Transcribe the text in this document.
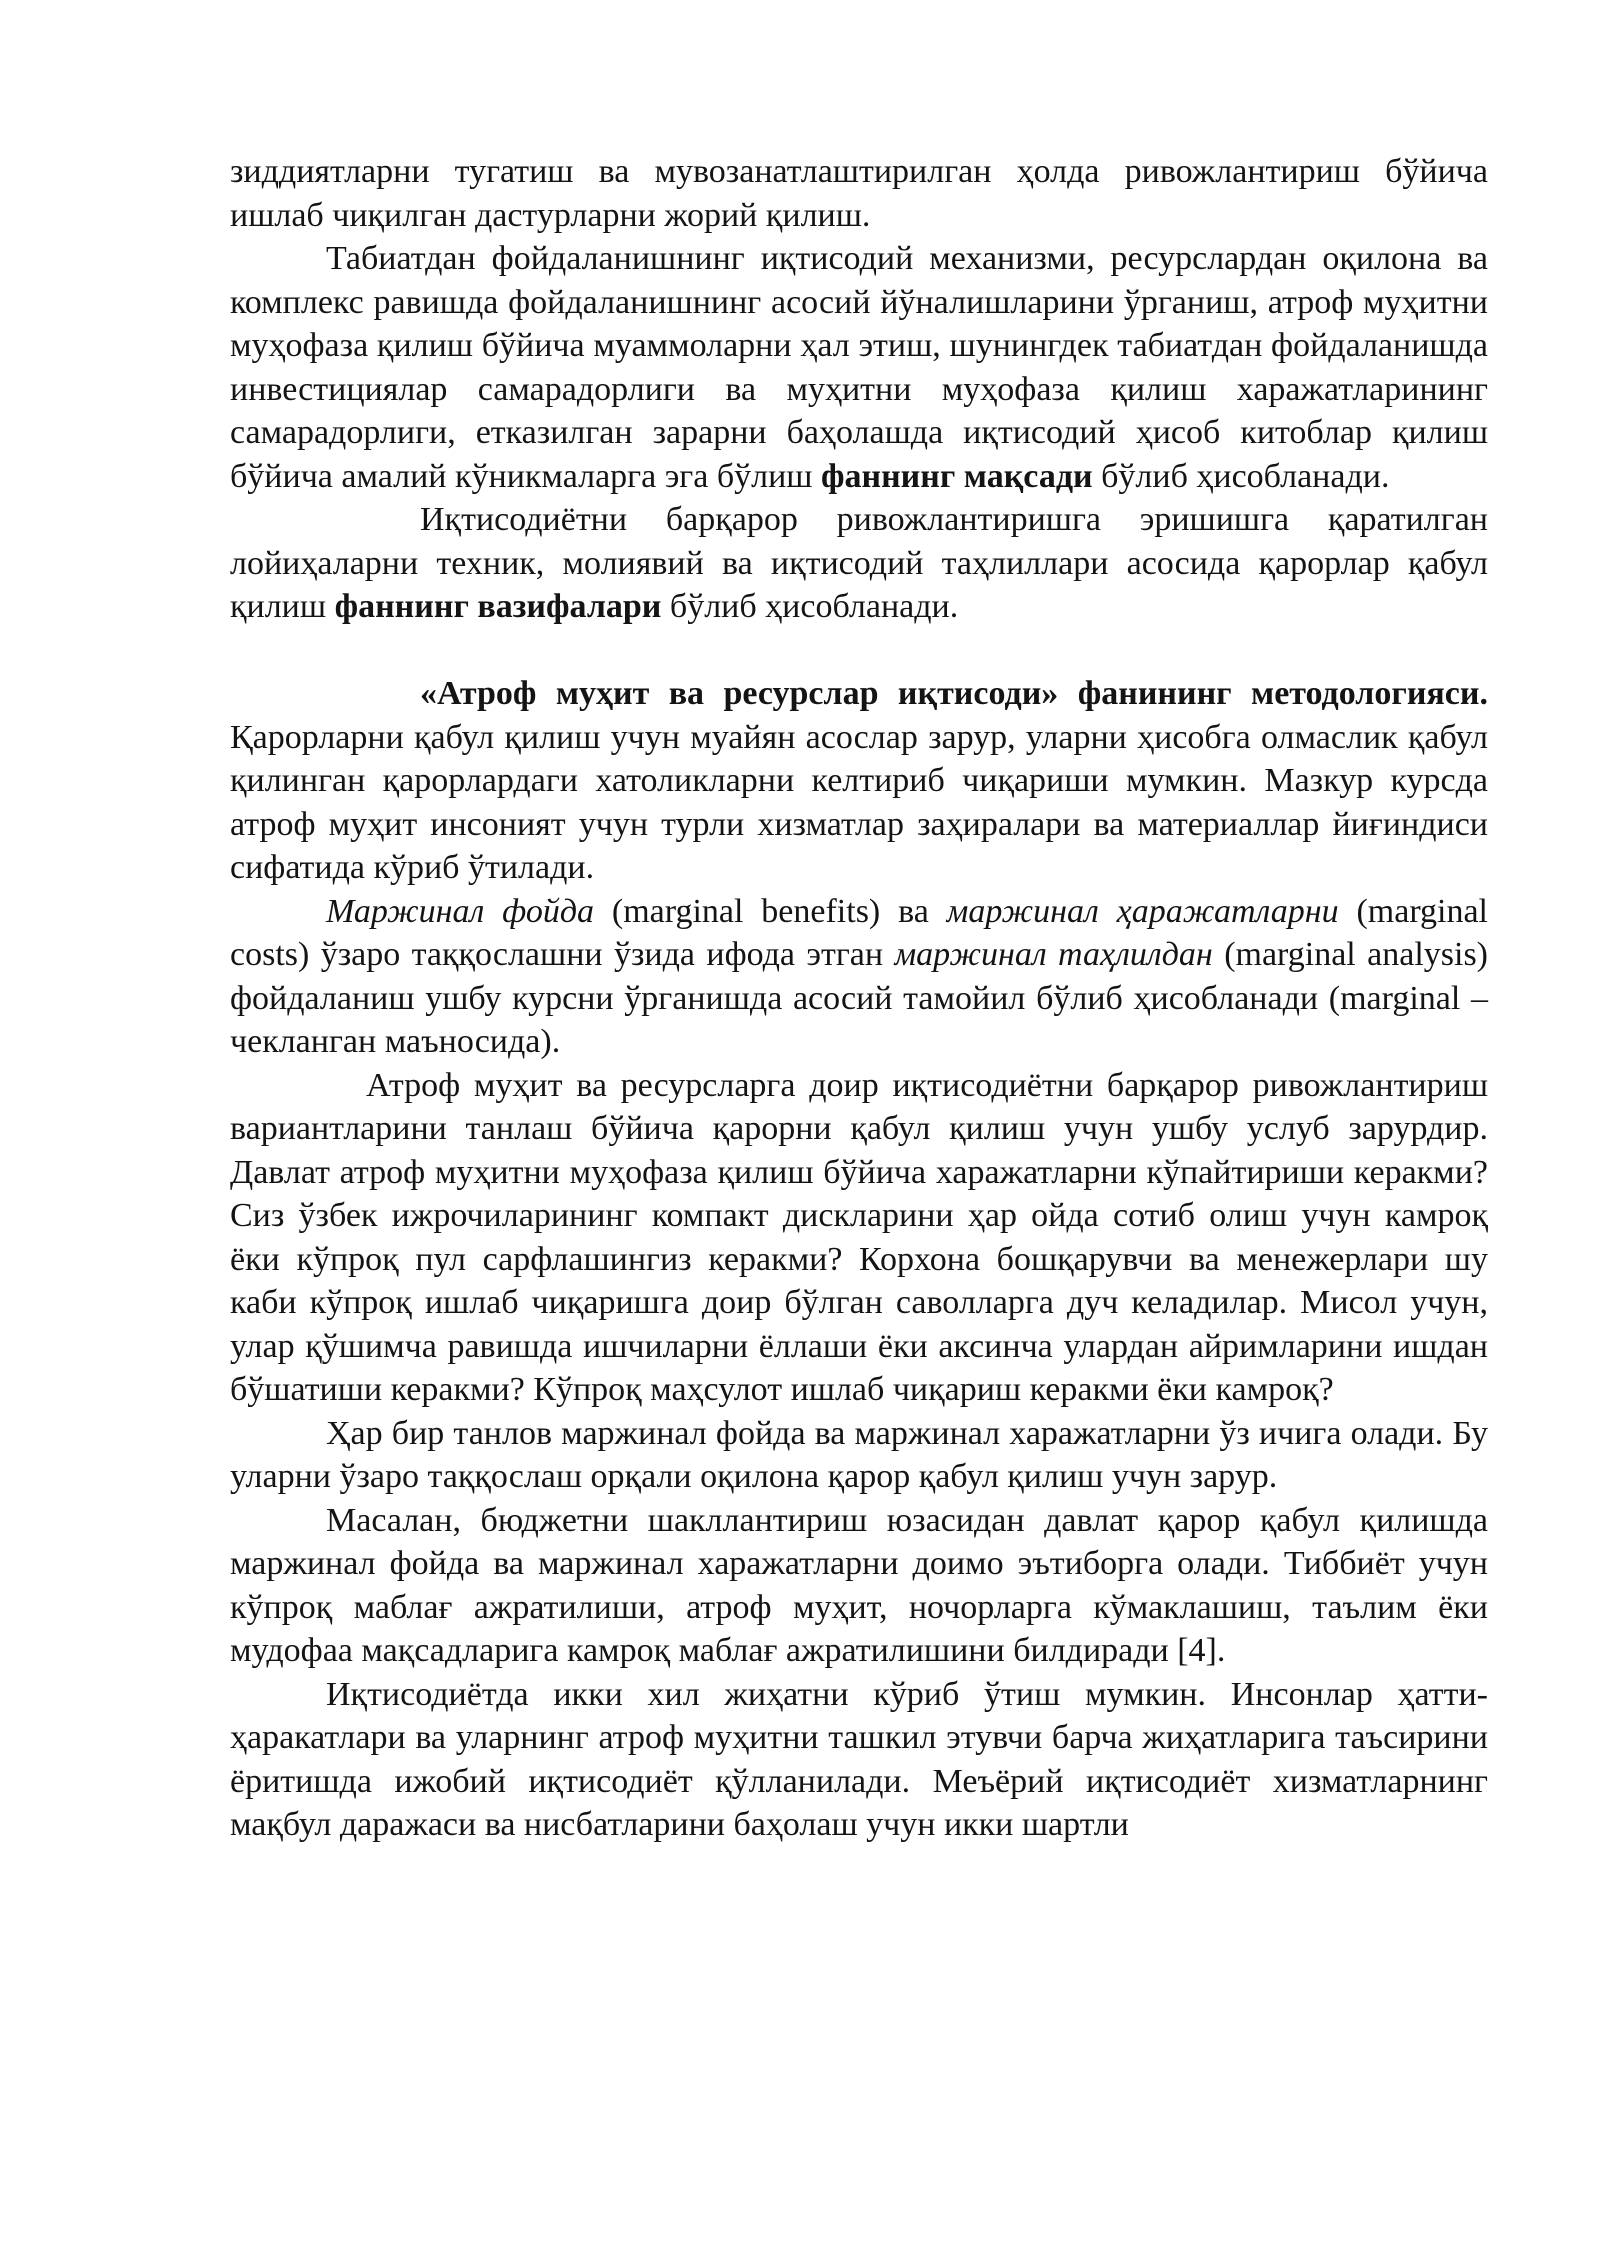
зиддиятларни тугатиш ва мувозанатлаштирилган ҳолда ривожлантириш бўйича ишлаб чиқилган дастурларни жорий қилиш.

Табиатдан фойдаланишнинг иқтисодий механизми, ресурслардан оқилона ва комплекс равишда фойдаланишнинг асосий йўналишларини ўрганиш, атроф муҳитни муҳофаза қилиш бўйича муаммоларни ҳал этиш, шунингдек табиатдан фойдаланишда инвестициялар самарадорлиги ва муҳитни муҳофаза қилиш харажатларининг самарадорлиги, етказилган зарарни баҳолашда иқтисодий ҳисоб китоблар қилиш бўйича амалий кўникмаларга эга бўлиш фаннинг мақсади бўлиб ҳисобланади.

Иқтисодиётни барқарор ривожлантиришга эришишга қаратилган лойиҳаларни техник, молиявий ва иқтисодий таҳлиллари асосида қарорлар қабул қилиш фаннинг вазифалари бўлиб ҳисобланади.

«Атроф муҳит ва ресурслар иқтисоди» фанининг методологияси. Қарорларни қабул қилиш учун муайян асослар зарур, уларни ҳисобга олмаслик қабул қилинган қарорлардаги хатоликларни келтириб чиқариши мумкин. Мазкур курсда атроф муҳит инсоният учун турли хизматлар заҳиралари ва материаллар йиғиндиси сифатида кўриб ўтилади.

Маржинал фойда (marginal benefits) ва маржинал ҳаражатларни (marginal costs) ўзаро таққослашни ўзида ифода этган маржинал таҳлилдан (marginal analysis) фойдаланиш ушбу курсни ўрганишда асосий тамойил бўлиб ҳисобланади (marginal – чекланган маъносида).

Атроф муҳит ва ресурсларга доир иқтисодиётни барқарор ривожлантириш вариантларини танлаш бўйича қарорни қабул қилиш учун ушбу услуб зарурдир. Давлат атроф муҳитни муҳофаза қилиш бўйича харажатларни кўпайтириши керакми? Сиз ўзбек ижрочиларининг компакт дискларини ҳар ойда сотиб олиш учун камроқ ёки кўпроқ пул сарфлашингиз керакми? Корхона бошқарувчи ва менежерлари шу каби кўпроқ ишлаб чиқаришга доир бўлган саволларга дуч келадилар. Мисол учун, улар қўшимча равишда ишчиларни ёллаши ёки аксинча улардан айримларини ишдан бўшатиши керакми? Кўпроқ маҳсулот ишлаб чиқариш керакми ёки камроқ?

Ҳар бир танлов маржинал фойда ва маржинал харажатларни ўз ичига олади. Бу уларни ўзаро таққослаш орқали оқилона қарор қабул қилиш учун зарур.

Масалан, бюджетни шакллантириш юзасидан давлат қарор қабул қилишда маржинал фойда ва маржинал харажатларни доимо эътиборга олади. Тиббиёт учун кўпроқ маблағ ажратилиши, атроф муҳит, ночорларга кўмаклашиш, таълим ёки мудофаа мақсадларига камроқ маблағ ажратилишини билдиради [4].

Иқтисодиётда икки хил жиҳатни кўриб ўтиш мумкин. Инсонлар ҳатти-ҳаракатлари ва уларнинг атроф муҳитни ташкил этувчи барча жиҳатларига таъсирини ёритишда ижобий иқтисодиёт қўлланилади. Меъёрий иқтисодиёт хизматларнинг мақбул даражаси ва нисбатларини баҳолаш учун икки шартли
